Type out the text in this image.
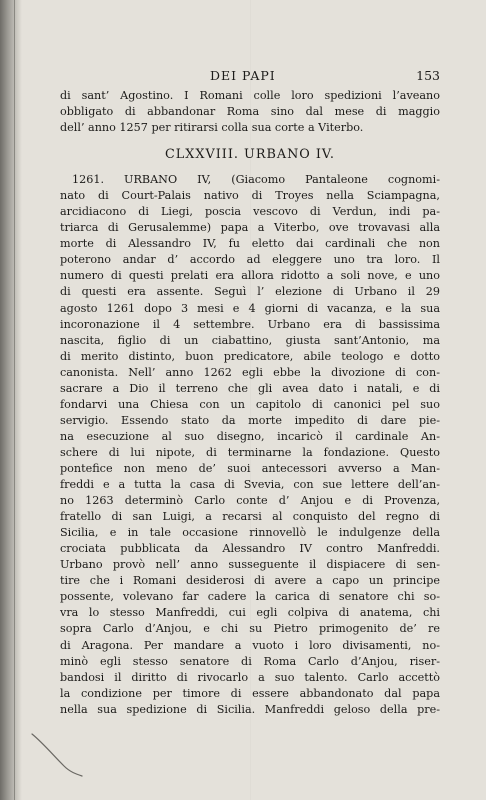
DEI PAPI	153
di sant’ Agostino. I Romani colle loro spedizioni l’aveano
obbligato di abbandonar Roma sino dal mese di maggio
dell’ anno 1257 per ritirarsi colla sua corte a Viterbo.
CLXXVIII. URBANO IV.
1261. URBANO IV, (Giacomo Pantaleone cognomi-
nato di Court-Palais nativo di Troyes nella Sciampagna,
arcidiacono di Liegi, poscia vescovo di Verdun, indi pa-
triarca di Gerusalemme) papa a Viterbo, ove trovavasi alla
morte di Alessandro IV, fu eletto dai cardinali che non
poterono andar d’ accordo ad eleggere uno tra loro. Il
numero di questi prelati era allora ridotto a soli nove, e uno
di questi era assente. Seguì l’ elezione di Urbano il 29
agosto 1261 dopo 3 mesi e 4 giorni di vacanza, e la sua
incoronazione il 4 settembre. Urbano era di bassissima
nascita, figlio di un ciabattino, giusta sant’Antonio, ma
di merito distinto, buon predicatore, abile teologo e dotto
canonista. Nell’ anno 1262 egli ebbe la divozione di con-
sacrare a Dio il terreno che gli avea dato i natali, e di
fondarvi una Chiesa con un capitolo di canonici pel suo
servigio. Essendo stato da morte impedito di dare pie-
na esecuzione al suo disegno, incaricò il cardinale An-
schere di lui nipote, di terminarne la fondazione. Questo
pontefice non meno de’ suoi antecessori avverso a Man-
freddi e a tutta la casa di Svevia, con sue lettere dell’an-
no 1263 determinò Carlo conte d’ Anjou e di Provenza,
fratello di san Luigi, a recarsi al conquisto del regno di
Sicilia, e in tale occasione rinnovellò le indulgenze della
crociata pubblicata da Alessandro IV contro Manfreddi.
Urbano provò nell’ anno susseguente il dispiacere di sen-
tire che i Romani desiderosi di avere a capo un principe
possente, volevano far cadere la carica di senatore chi so-
vra lo stesso Manfreddi, cui egli colpiva di anatema, chi
sopra Carlo d’Anjou, e chi su Pietro primogenito de’ re
di Aragona. Per mandare a vuoto i loro divisamenti, no-
minò egli stesso senatore di Roma Carlo d’Anjou, riser-
bandosi il diritto di rivocarlo a suo talento. Carlo accettò
la condizione per timore di essere abbandonato dal papa
nella sua spedizione di Sicilia. Manfreddi geloso della pre-
